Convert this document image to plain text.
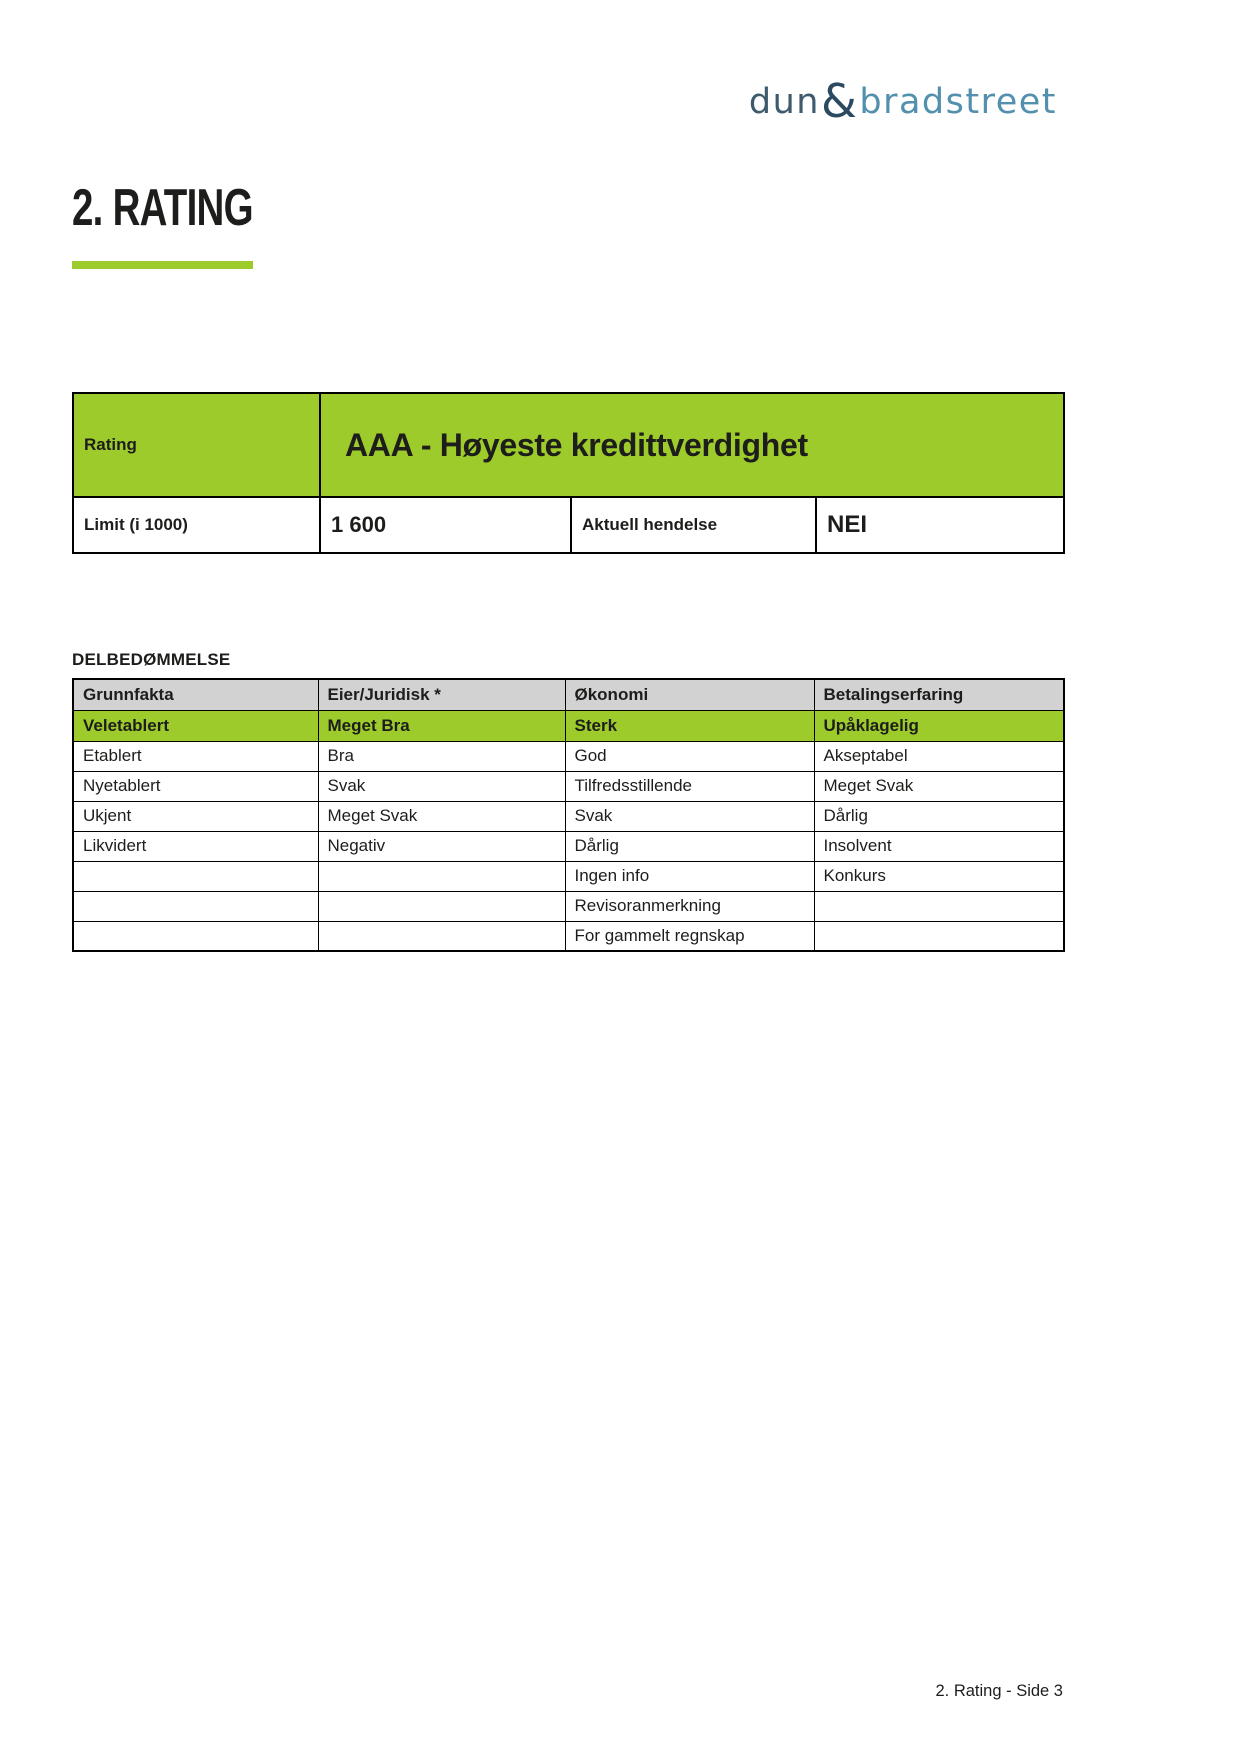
dun&bradstreet
2. RATING
Rating	AAA - Høyeste kredittverdighet		
Limit (i 1000)	1 600	Aktuell hendelse	NEI
DELBEDØMMELSE
Grunnfakta	Eier/Juridisk *	Økonomi	Betalingserfaring
Veletablert	Meget Bra	Sterk	Upåklagelig
Etablert	Bra	God	Akseptabel
Nyetablert	Svak	Tilfredsstillende	Meget Svak
Ukjent	Meget Svak	Svak	Dårlig
Likvidert	Negativ	Dårlig	Insolvent
		Ingen info	Konkurs
		Revisoranmerkning	
		For gammelt regnskap	
2. Rating - Side 3
